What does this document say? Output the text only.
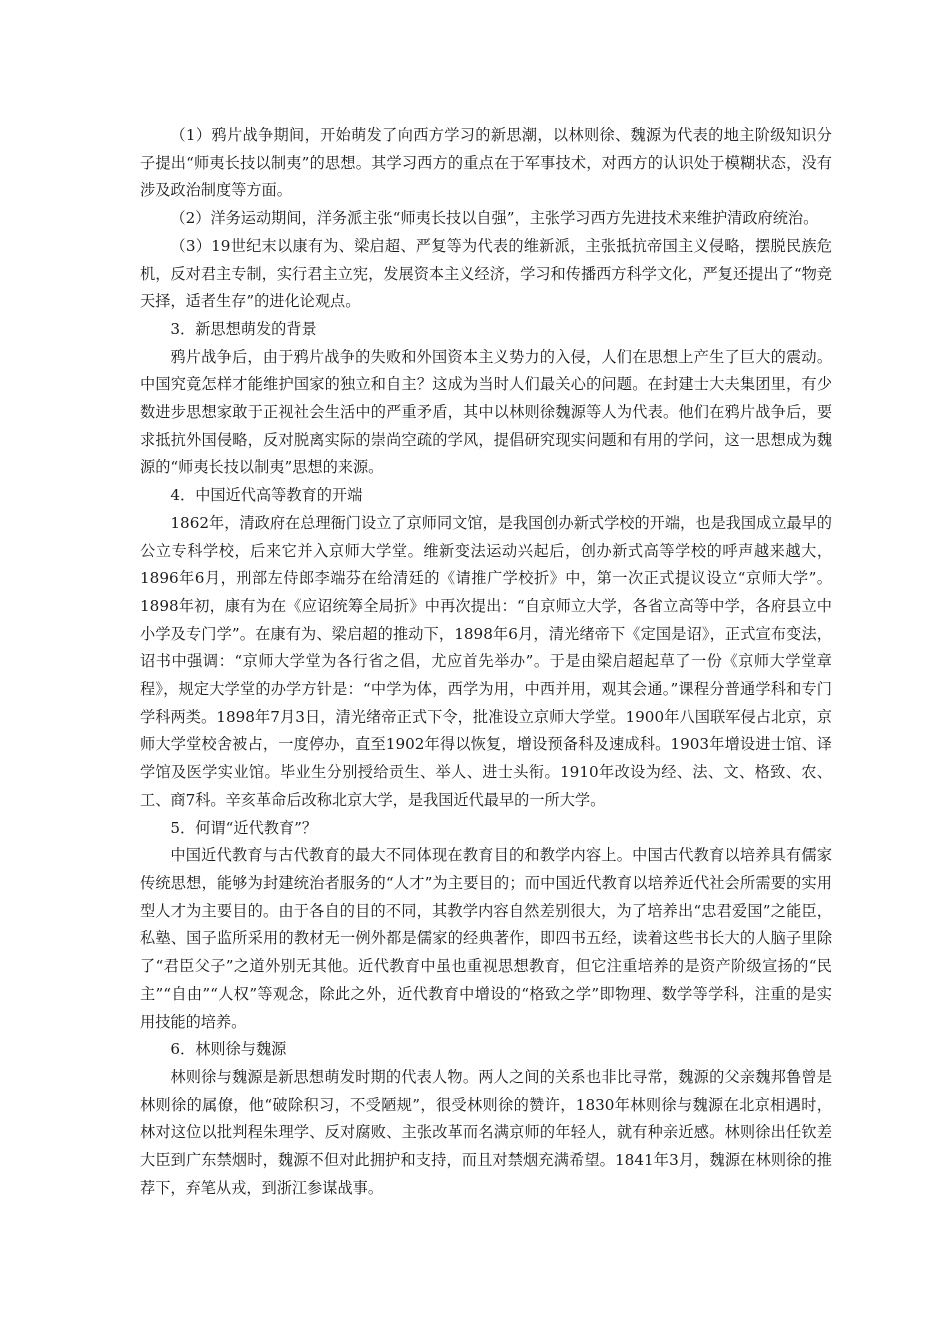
（1）鸦片战争期间，开始萌发了向西方学习的新思潮，以林则徐、魏源为代表的地主阶级知识分子提出“师夷长技以制夷”的思想。其学习西方的重点在于军事技术，对西方的认识处于模糊状态，没有涉及政治制度等方面。

（2）洋务运动期间，洋务派主张“师夷长技以自强”，主张学习西方先进技术来维护清政府统治。

（3）19世纪末以康有为、梁启超、严复等为代表的维新派，主张抵抗帝国主义侵略，摆脱民族危机，反对君主专制，实行君主立宪，发展资本主义经济，学习和传播西方科学文化，严复还提出了“物竞天择，适者生存”的进化论观点。

3．新思想萌发的背景

鸦片战争后，由于鸦片战争的失败和外国资本主义势力的入侵，人们在思想上产生了巨大的震动。中国究竟怎样才能维护国家的独立和自主？这成为当时人们最关心的问题。在封建士大夫集团里，有少数进步思想家敢于正视社会生活中的严重矛盾，其中以林则徐魏源等人为代表。他们在鸦片战争后，要求抵抗外国侵略，反对脱离实际的崇尚空疏的学风，提倡研究现实问题和有用的学问，这一思想成为魏源的“师夷长技以制夷”思想的来源。

4．中国近代高等教育的开端

1862年，清政府在总理衙门设立了京师同文馆，是我国创办新式学校的开端，也是我国成立最早的公立专科学校，后来它并入京师大学堂。维新变法运动兴起后，创办新式高等学校的呼声越来越大，1896年6月，刑部左侍郎李端芬在给清廷的《请推广学校折》中，第一次正式提议设立“京师大学”。1898年初，康有为在《应诏统筹全局折》中再次提出：“自京师立大学，各省立高等中学，各府县立中小学及专门学”。在康有为、梁启超的推动下，1898年6月，清光绪帝下《定国是诏》，正式宣布变法，诏书中强调：“京师大学堂为各行省之倡，尤应首先举办”。于是由梁启超起草了一份《京师大学堂章程》，规定大学堂的办学方针是：“中学为体，西学为用，中西并用，观其会通。”课程分普通学科和专门学科两类。1898年7月3日，清光绪帝正式下令，批准设立京师大学堂。1900年八国联军侵占北京，京师大学堂校舍被占，一度停办，直至1902年得以恢复，增设预备科及速成科。1903年增设进士馆、译学馆及医学实业馆。毕业生分别授给贡生、举人、进士头衔。1910年改设为经、法、文、格致、农、工、商7科。辛亥革命后改称北京大学，是我国近代最早的一所大学。

5．何谓“近代教育”？

中国近代教育与古代教育的最大不同体现在教育目的和教学内容上。中国古代教育以培养具有儒家传统思想，能够为封建统治者服务的“人才”为主要目的；而中国近代教育以培养近代社会所需要的实用型人才为主要目的。由于各自的目的不同，其教学内容自然差别很大，为了培养出“忠君爱国”之能臣，私塾、国子监所采用的教材无一例外都是儒家的经典著作，即四书五经，读着这些书长大的人脑子里除了“君臣父子”之道外别无其他。近代教育中虽也重视思想教育，但它注重培养的是资产阶级宣扬的“民主”“自由”“人权”等观念，除此之外，近代教育中增设的“格致之学”即物理、数学等学科，注重的是实用技能的培养。

6．林则徐与魏源

林则徐与魏源是新思想萌发时期的代表人物。两人之间的关系也非比寻常，魏源的父亲魏邦鲁曾是林则徐的属僚，他“破除积习，不受陋规”，很受林则徐的赞许，1830年林则徐与魏源在北京相遇时，林对这位以批判程朱理学、反对腐败、主张改革而名满京师的年轻人，就有种亲近感。林则徐出任钦差大臣到广东禁烟时，魏源不但对此拥护和支持，而且对禁烟充满希望。1841年3月，魏源在林则徐的推荐下，弃笔从戎，到浙江参谋战事。
